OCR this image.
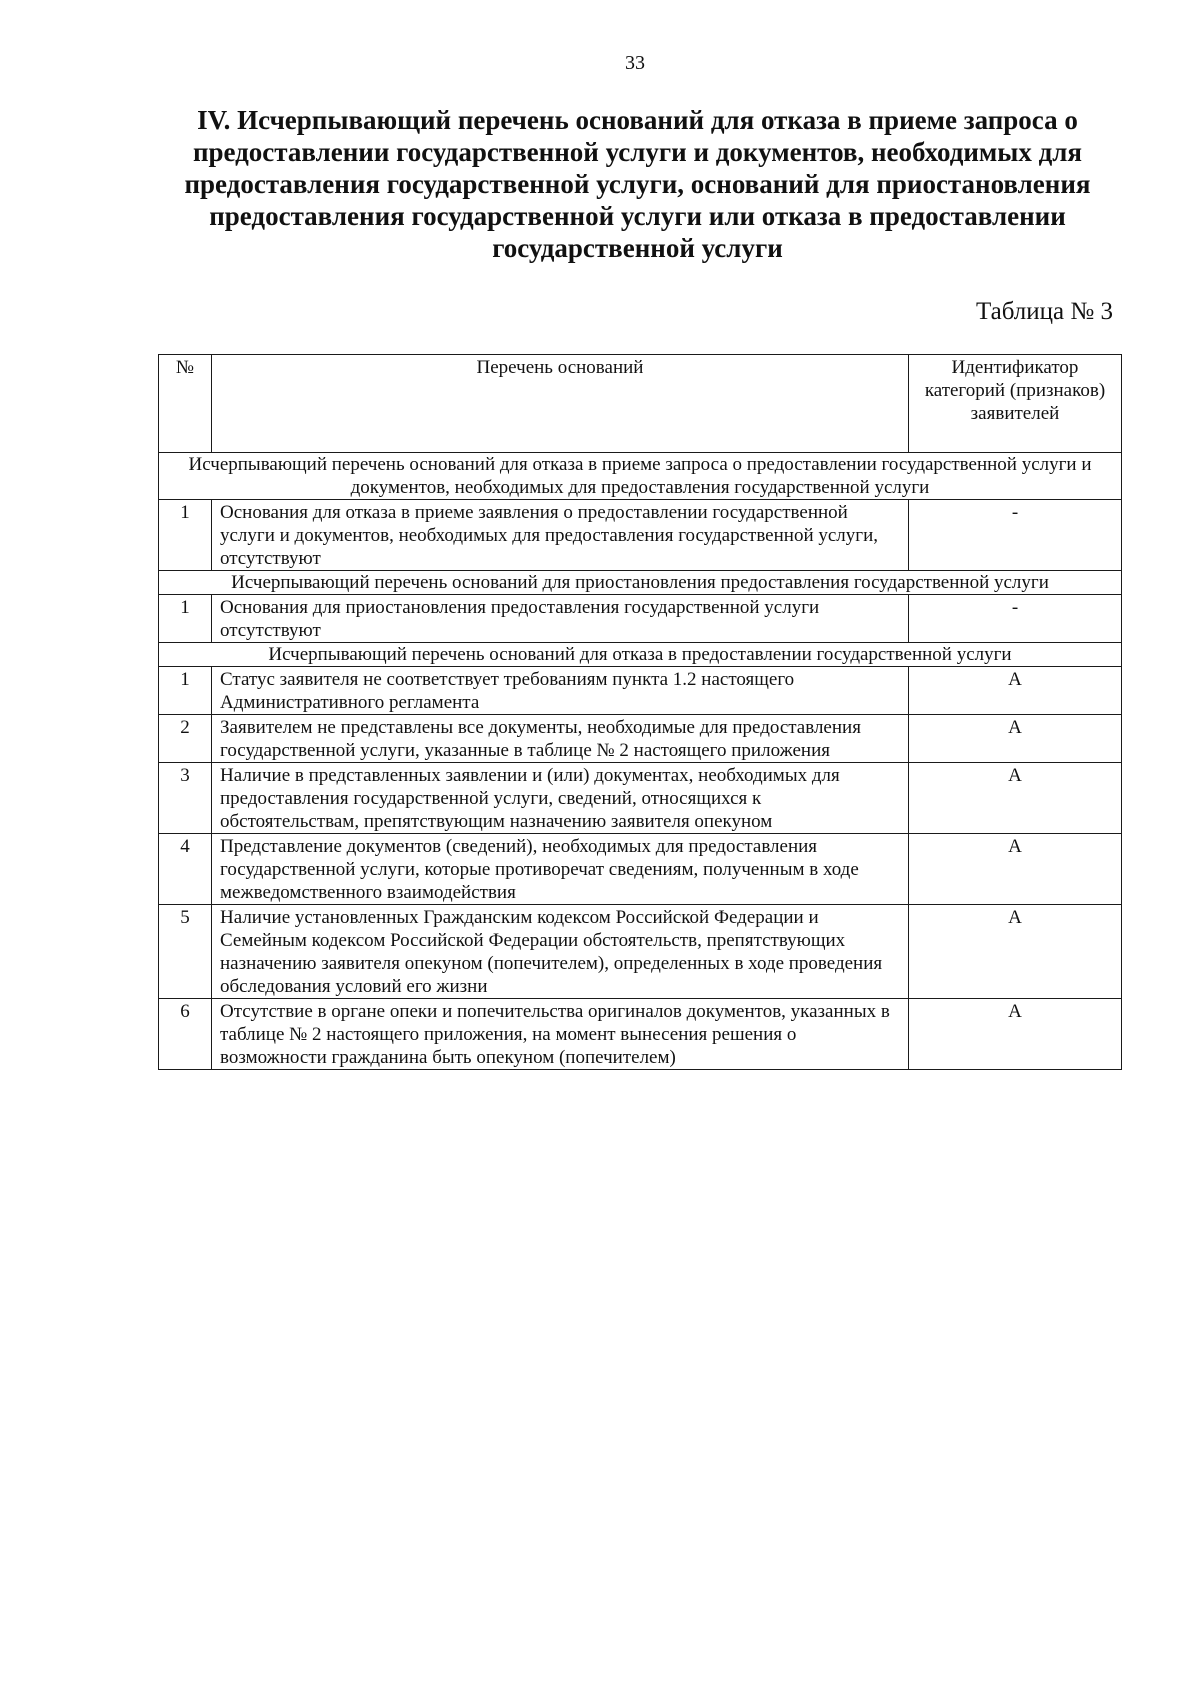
33
IV. Исчерпывающий перечень оснований для отказа в приеме запроса о предоставлении государственной услуги и документов, необходимых для предоставления государственной услуги, оснований для приостановления предоставления государственной услуги или отказа в предоставлении государственной услуги
Таблица № 3
№	Перечень оснований	Идентификатор категорий (признаков) заявителей
Исчерпывающий перечень оснований для отказа в приеме запроса о предоставлении государственной услуги и документов, необходимых для предоставления государственной услуги		
1	Основания для отказа в приеме заявления о предоставлении государственной услуги и документов, необходимых для предоставления государственной услуги, отсутствуют	-
Исчерпывающий перечень оснований для приостановления предоставления государственной услуги		
1	Основания для приостановления предоставления государственной услуги отсутствуют	-
Исчерпывающий перечень оснований для отказа в предоставлении государственной услуги		
1	Статус заявителя не соответствует требованиям пункта 1.2 настоящего Административного регламента	А
2	Заявителем не представлены все документы, необходимые для предоставления государственной услуги, указанные в таблице № 2 настоящего приложения	А
3	Наличие в представленных заявлении и (или) документах, необходимых для предоставления государственной услуги, сведений, относящихся к обстоятельствам, препятствующим назначению заявителя опекуном	А
4	Представление документов (сведений), необходимых для предоставления государственной услуги, которые противоречат сведениям, полученным в ходе межведомственного взаимодействия	А
5	Наличие установленных Гражданским кодексом Российской Федерации и Семейным кодексом Российской Федерации обстоятельств, препятствующих назначению заявителя опекуном (попечителем), определенных в ходе проведения обследования условий его жизни	А
6	Отсутствие в органе опеки и попечительства оригиналов документов, указанных в таблице № 2 настоящего приложения, на момент вынесения решения о возможности гражданина быть опекуном (попечителем)	А
